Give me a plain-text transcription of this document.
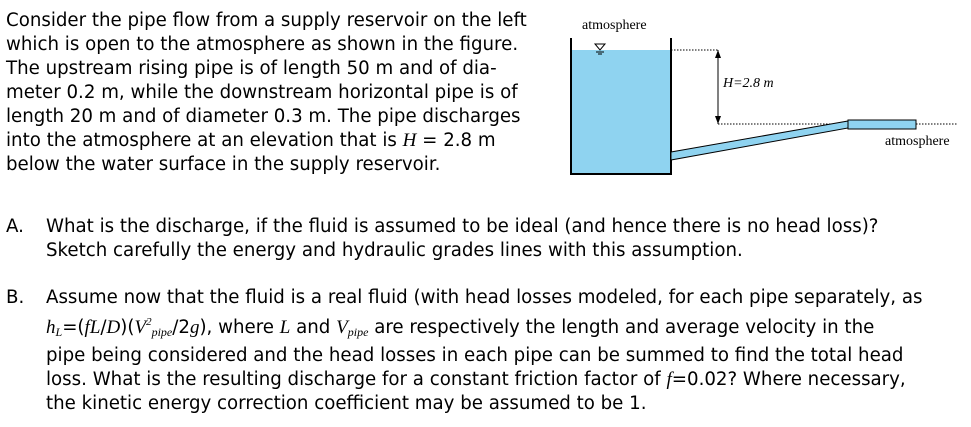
Consider the pipe flow from a supply reservoir on the left
which is open to the atmosphere as shown in the figure.
The upstream rising pipe is of length 50 m and of dia-
meter 0.2 m, while the downstream horizontal pipe is of
length 20 m and of diameter 0.3 m. The pipe discharges
into the atmosphere at an elevation that is H = 2.8 m
below the water surface in the supply reservoir.
atmosphere
H=2.8 m
atmosphere
A. What is the discharge, if the fluid is assumed to be ideal (and hence there is no head loss)?
Sketch carefully the energy and hydraulic grades lines with this assumption.
B. Assume now that the fluid is a real fluid (with head losses modeled, for each pipe separately, as
$h_L=(fL/D)(V^2_{pipe}/2g)$, where L and $V_{pipe}$ are respectively the length and average velocity in the
pipe being considered and the head losses in each pipe can be summed to find the total head
loss. What is the resulting discharge for a constant friction factor of f=0.02? Where necessary,
the kinetic energy correction coefficient may be assumed to be 1.
